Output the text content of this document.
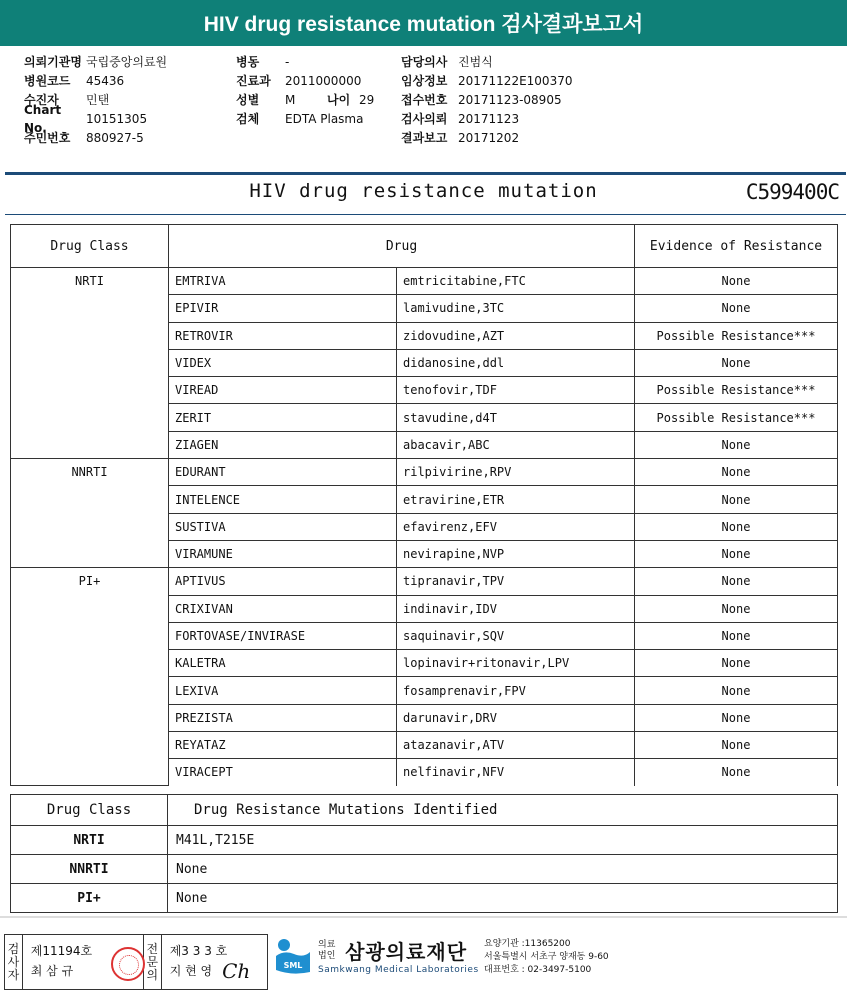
HIV drug resistance mutation 검사결과보고서
의뢰기관명 국립중앙의료원
병원코드	45436
수진자	민탠
Chart No.
10151305
주민번호	880927-5
병동	-
진료과	2011000000
성별	M	나이 29
검체	EDTA Plasma
담당의사 진범식
임상정보 20171122E100370
접수번호 20171123-08905
검사의뢰 20171123
결과보고 20171202
HIV drug resistance mutation	C599400C
Drug Class	Drug		Evidence of Resistance
NRTI	EMTRIVA	emtricitabine,FTC	None
	EPIVIR	lamivudine,3TC	None
	RETROVIR	zidovudine,AZT	Possible Resistance***
	VIDEX	didanosine,ddl	None
	VIREAD	tenofovir,TDF	Possible Resistance***
	ZERIT	stavudine,d4T	Possible Resistance***
	ZIAGEN	abacavir,ABC	None
NNRTI	EDURANT	rilpivirine,RPV	None
	INTELENCE	etravirine,ETR	None
	SUSTIVA	efavirenz,EFV	None
	VIRAMUNE	nevirapine,NVP	None
PI+	APTIVUS	tipranavir,TPV	None
	CRIXIVAN	indinavir,IDV	None
	FORTOVASE/INVIRASE	saquinavir,SQV	None
	KALETRA	lopinavir+ritonavir,LPV	None
	LEXIVA	fosamprenavir,FPV	None
	PREZISTA	darunavir,DRV	None
	REYATAZ	atazanavir,ATV	None
	VIRACEPT	nelfinavir,NFV	None
Drug Class	Drug Resistance Mutations Identified
NRTI	M41L,T215E
NNRTI	None
PI+	None
검
사
자
제11194호
최 삼 규
전
문
의
제3 3 3 호
지 현 영 Ch	SML
의료법인 삼광의료재단
Samkwang Medical Laboratories
요양기관 :11365200
서울특별시 서초구 양재동 9-60
대표번호 : 02-3497-5100
